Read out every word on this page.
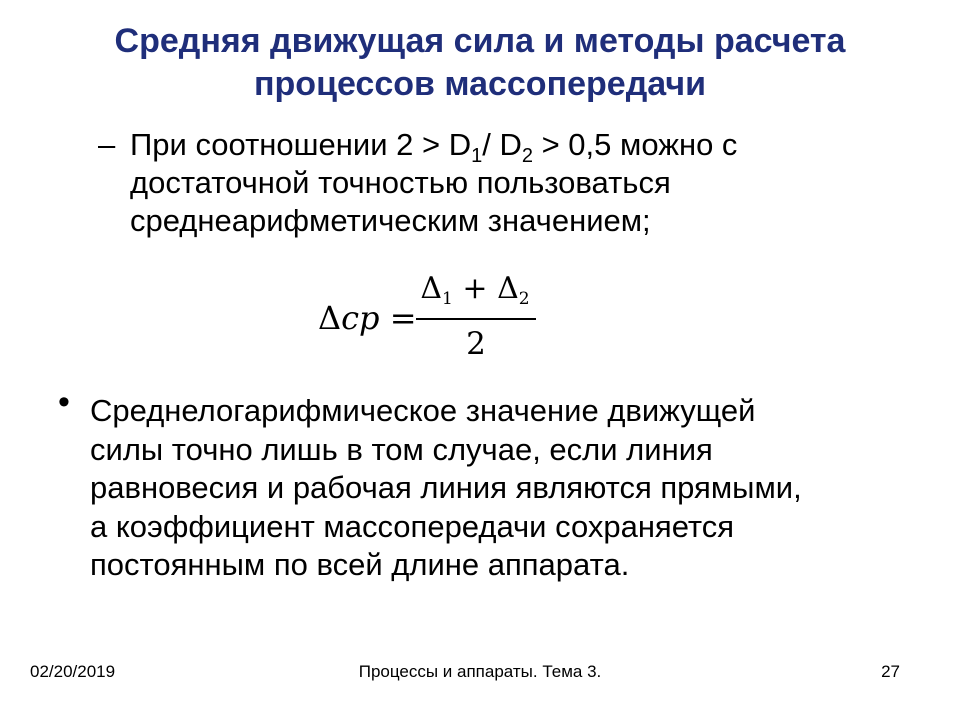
Средняя движущая сила и методы расчета
процессов массопередачи
– При соотношении $2 > D_1/$ $D_2 > 0,5$ можно с
достаточной точностью пользоваться
среднеарифметическим значением;
Δcp =
$\Delta_1 + \Delta_2$
2
• Среднелогарифмическое значение движущей
силы точно лишь в том случае, если линия
равновесия и рабочая линия являются прямыми,
а коэффициент массопередачи сохраняется
постоянным по всей длине аппарата.
02/20/2019	Процессы и аппараты. Тема 3.	27
